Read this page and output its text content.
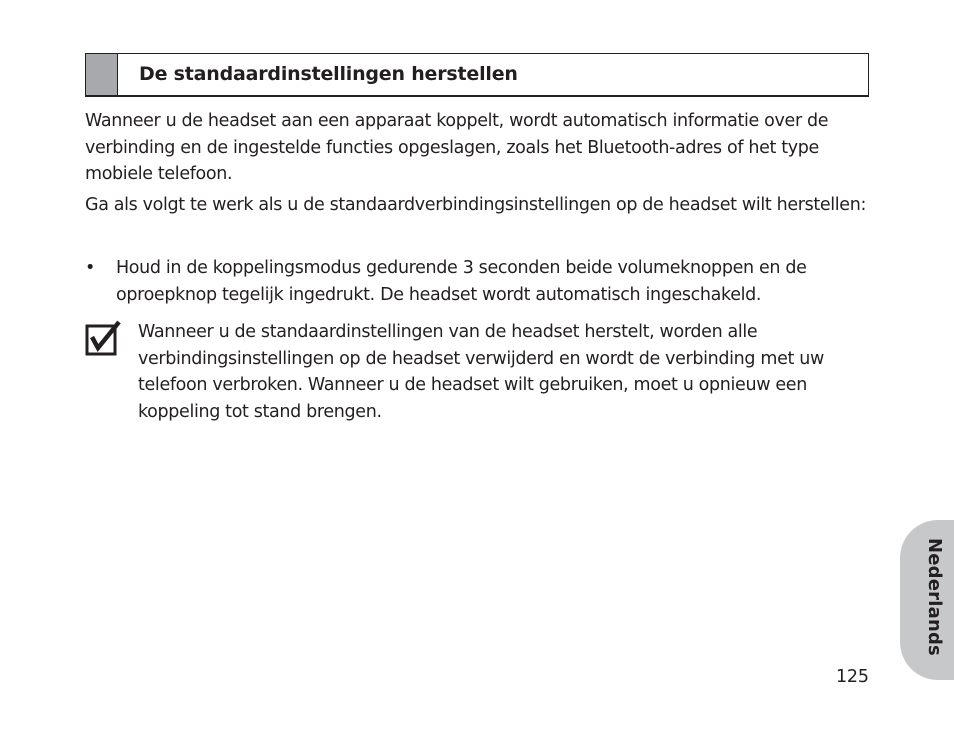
De standaardinstellingen herstellen
Wanneer u de headset aan een apparaat koppelt, wordt automatisch informatie over de verbinding en de ingestelde functies opgeslagen, zoals het Bluetooth-adres of het type mobiele telefoon.
Ga als volgt te werk als u de standaardverbindingsinstellingen op de headset wilt herstellen:
• Houd in de koppelingsmodus gedurende 3 seconden beide volumeknoppen en de oproepknop tegelijk ingedrukt. De headset wordt automatisch ingeschakeld.
Wanneer u de standaardinstellingen van de headset herstelt, worden alle verbindingsinstellingen op de headset verwijderd en wordt de verbinding met uw telefoon verbroken. Wanneer u de headset wilt gebruiken, moet u opnieuw een koppeling tot stand brengen.
Nederlands
125
